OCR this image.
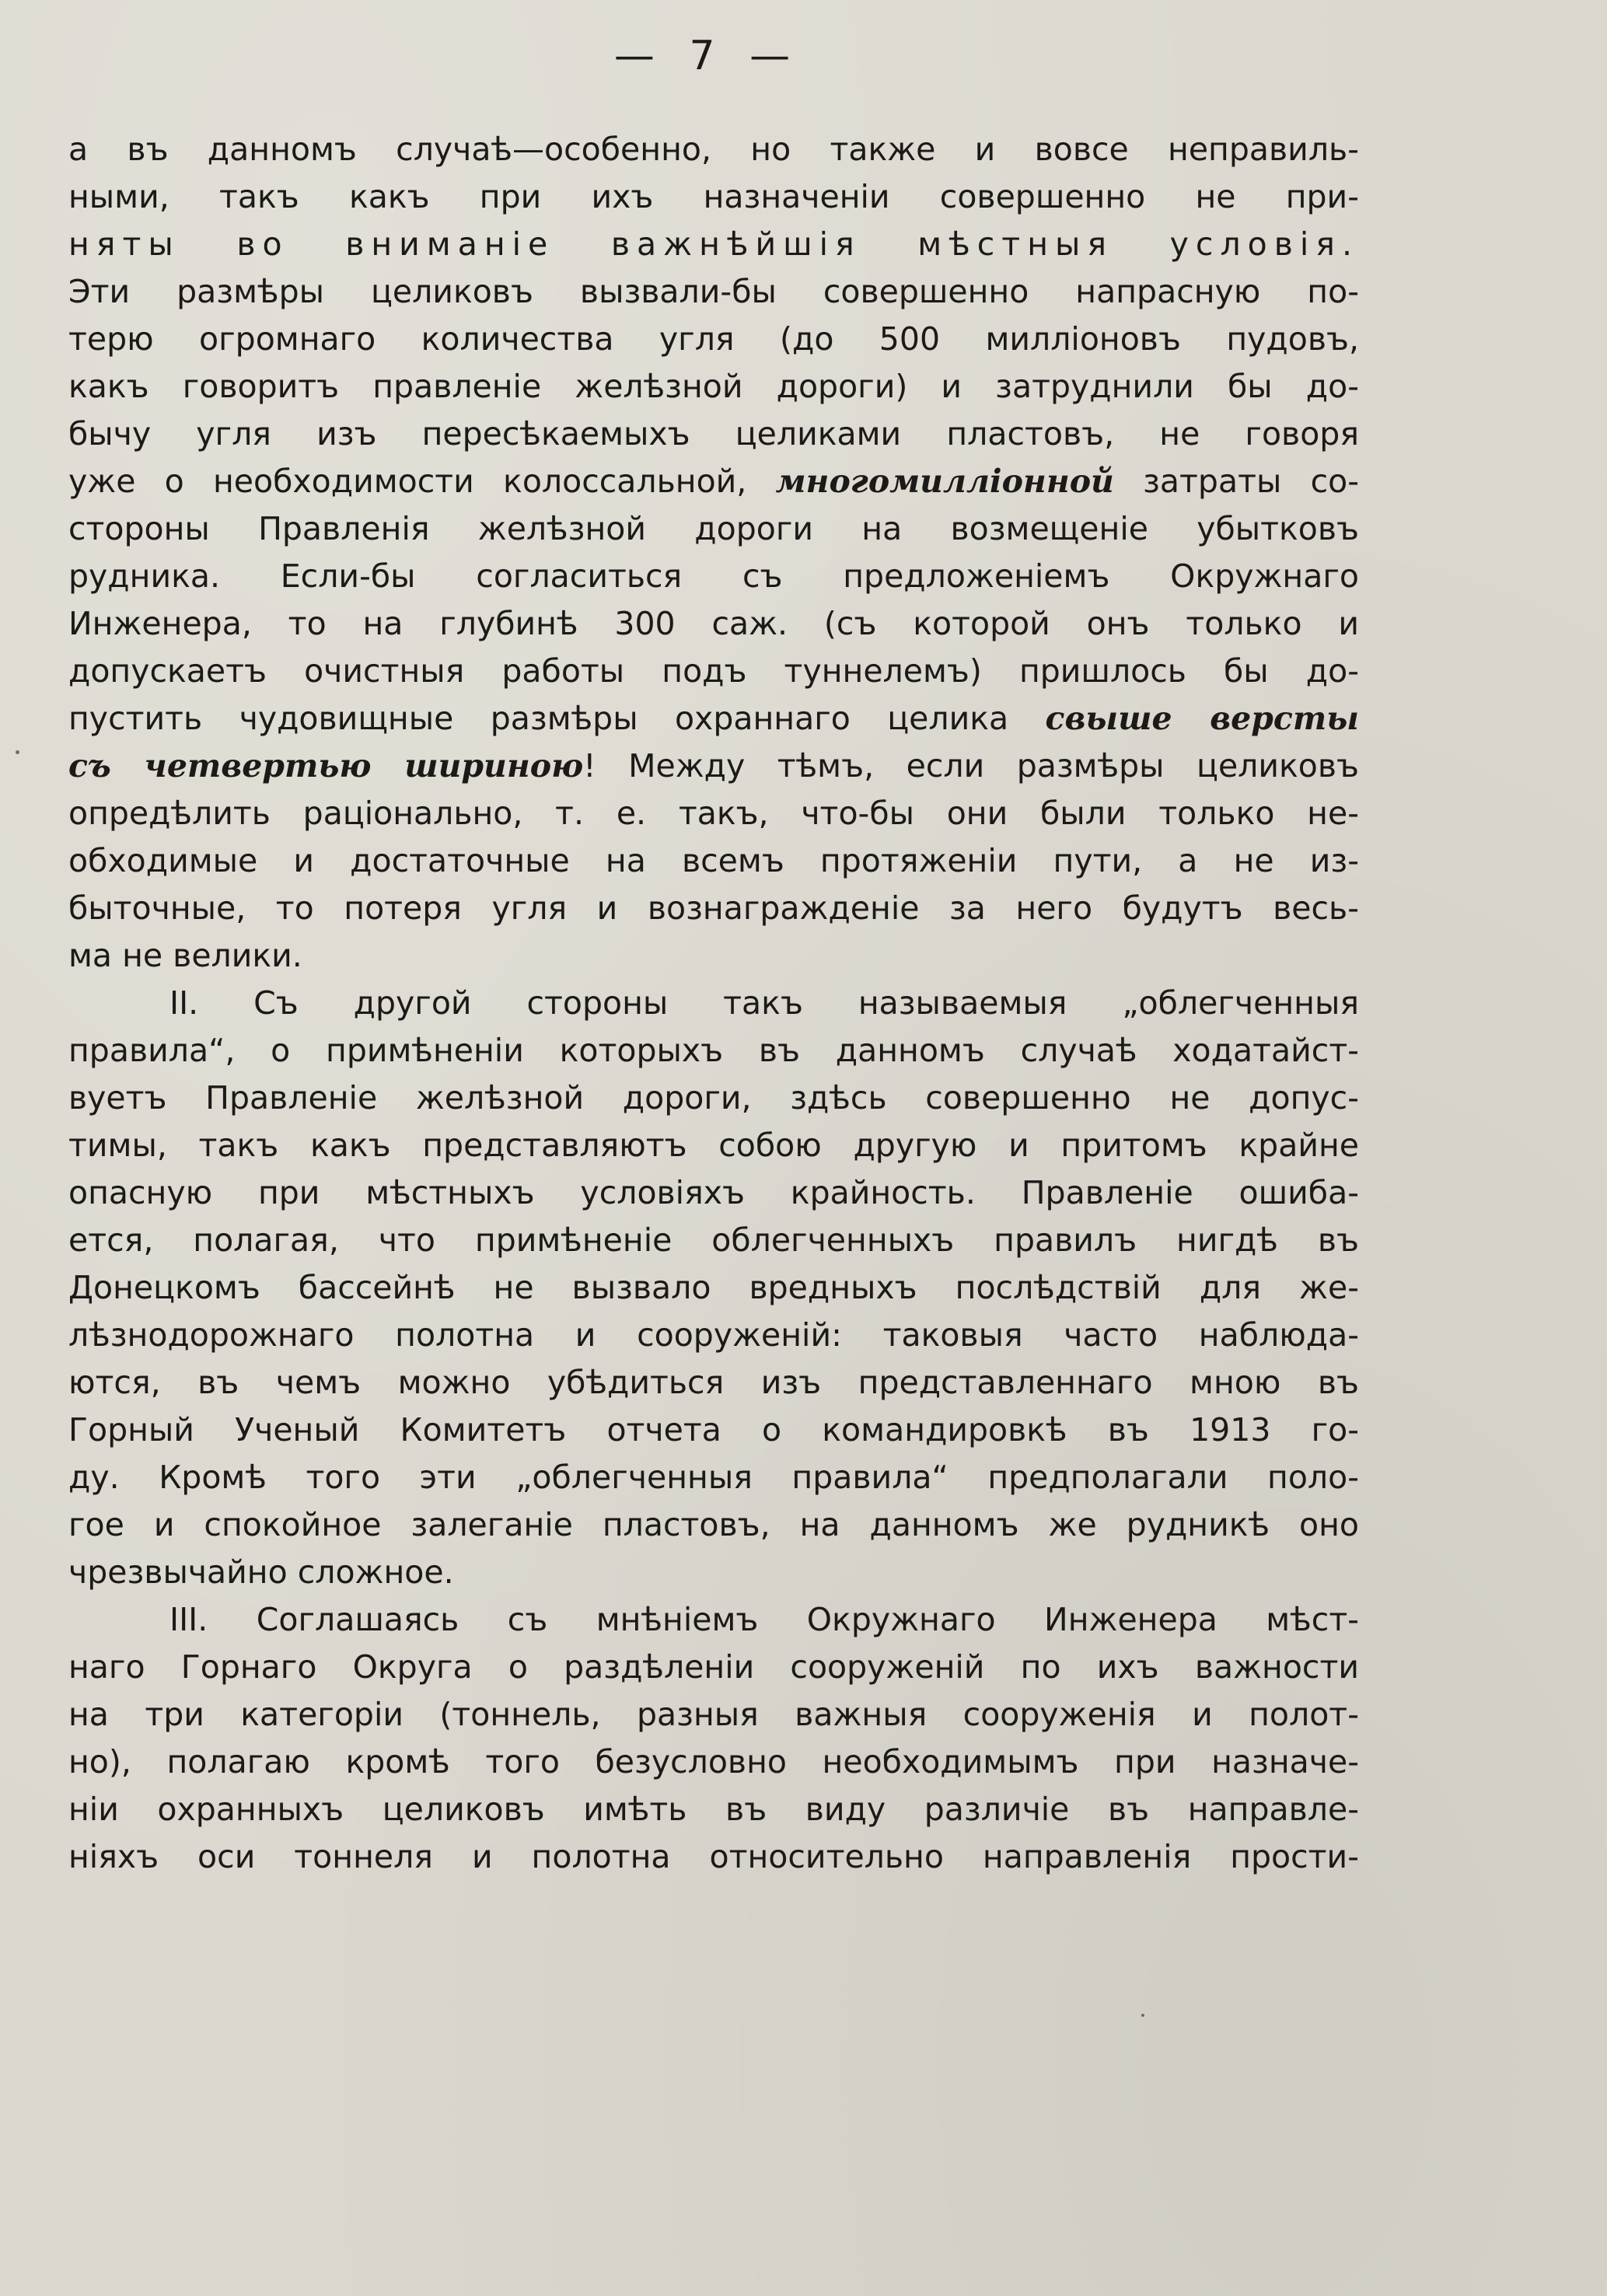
— 7 —
а въ данномъ случаѣ—особенно, но также и вовсе неправиль-
ными, такъ какъ при ихъ назначеніи совершенно не при-
няты во вниманіе важнѣйшія мѣстныя условія.
Эти размѣры целиковъ вызвали-бы совершенно напрасную по-
терю огромнаго количества угля (до 500 милліоновъ пудовъ,
какъ говоритъ правленіе желѣзной дороги) и затруднили бы до-
бычу угля изъ пересѣкаемыхъ целиками пластовъ, не говоря
уже о необходимости колоссальной, многомилліонной затраты со-
стороны Правленія желѣзной дороги на возмещеніе убытковъ
рудника. Если-бы согласиться съ предложеніемъ Окружнаго
Инженера, то на глубинѣ 300 саж. (съ которой онъ только и
допускаетъ очистныя работы подъ туннелемъ) пришлось бы до-
пустить чудовищные размѣры охраннаго целика свыше версты
съ четвертью шириною! Между тѣмъ, если размѣры целиковъ
опредѣлить раціонально, т. е. такъ, что-бы они были только не-
обходимые и достаточные на всемъ протяженіи пути, а не из-
быточные, то потеря угля и вознагражденіе за него будутъ весь-
ма не велики.
II. Съ другой стороны такъ называемыя „облегченныя
правила“, о примѣненіи которыхъ въ данномъ случаѣ ходатайст-
вуетъ Правленіе желѣзной дороги, здѣсь совершенно не допус-
тимы, такъ какъ представляютъ собою другую и притомъ крайне
опасную при мѣстныхъ условіяхъ крайность. Правленіе ошиба-
ется, полагая, что примѣненіе облегченныхъ правилъ нигдѣ въ
Донецкомъ бассейнѣ не вызвало вредныхъ послѣдствій для же-
лѣзнодорожнаго полотна и сооруженій: таковыя часто наблюда-
ются, въ чемъ можно убѣдиться изъ представленнаго мною въ
Горный Ученый Комитетъ отчета о командировкѣ въ 1913 го-
ду. Кромѣ того эти „облегченныя правила“ предполагали поло-
гое и спокойное залеганіе пластовъ, на данномъ же рудникѣ оно
чрезвычайно сложное.
III. Соглашаясь съ мнѣніемъ Окружнаго Инженера мѣст-
наго Горнаго Округа о раздѣленіи сооруженій по ихъ важности
на три категоріи (тоннель, разныя важныя сооруженія и полот-
но), полагаю кромѣ того безусловно необходимымъ при назначе-
ніи охранныхъ целиковъ имѣть въ виду различіе въ направле-
ніяхъ оси тоннеля и полотна относительно направленія прости-
